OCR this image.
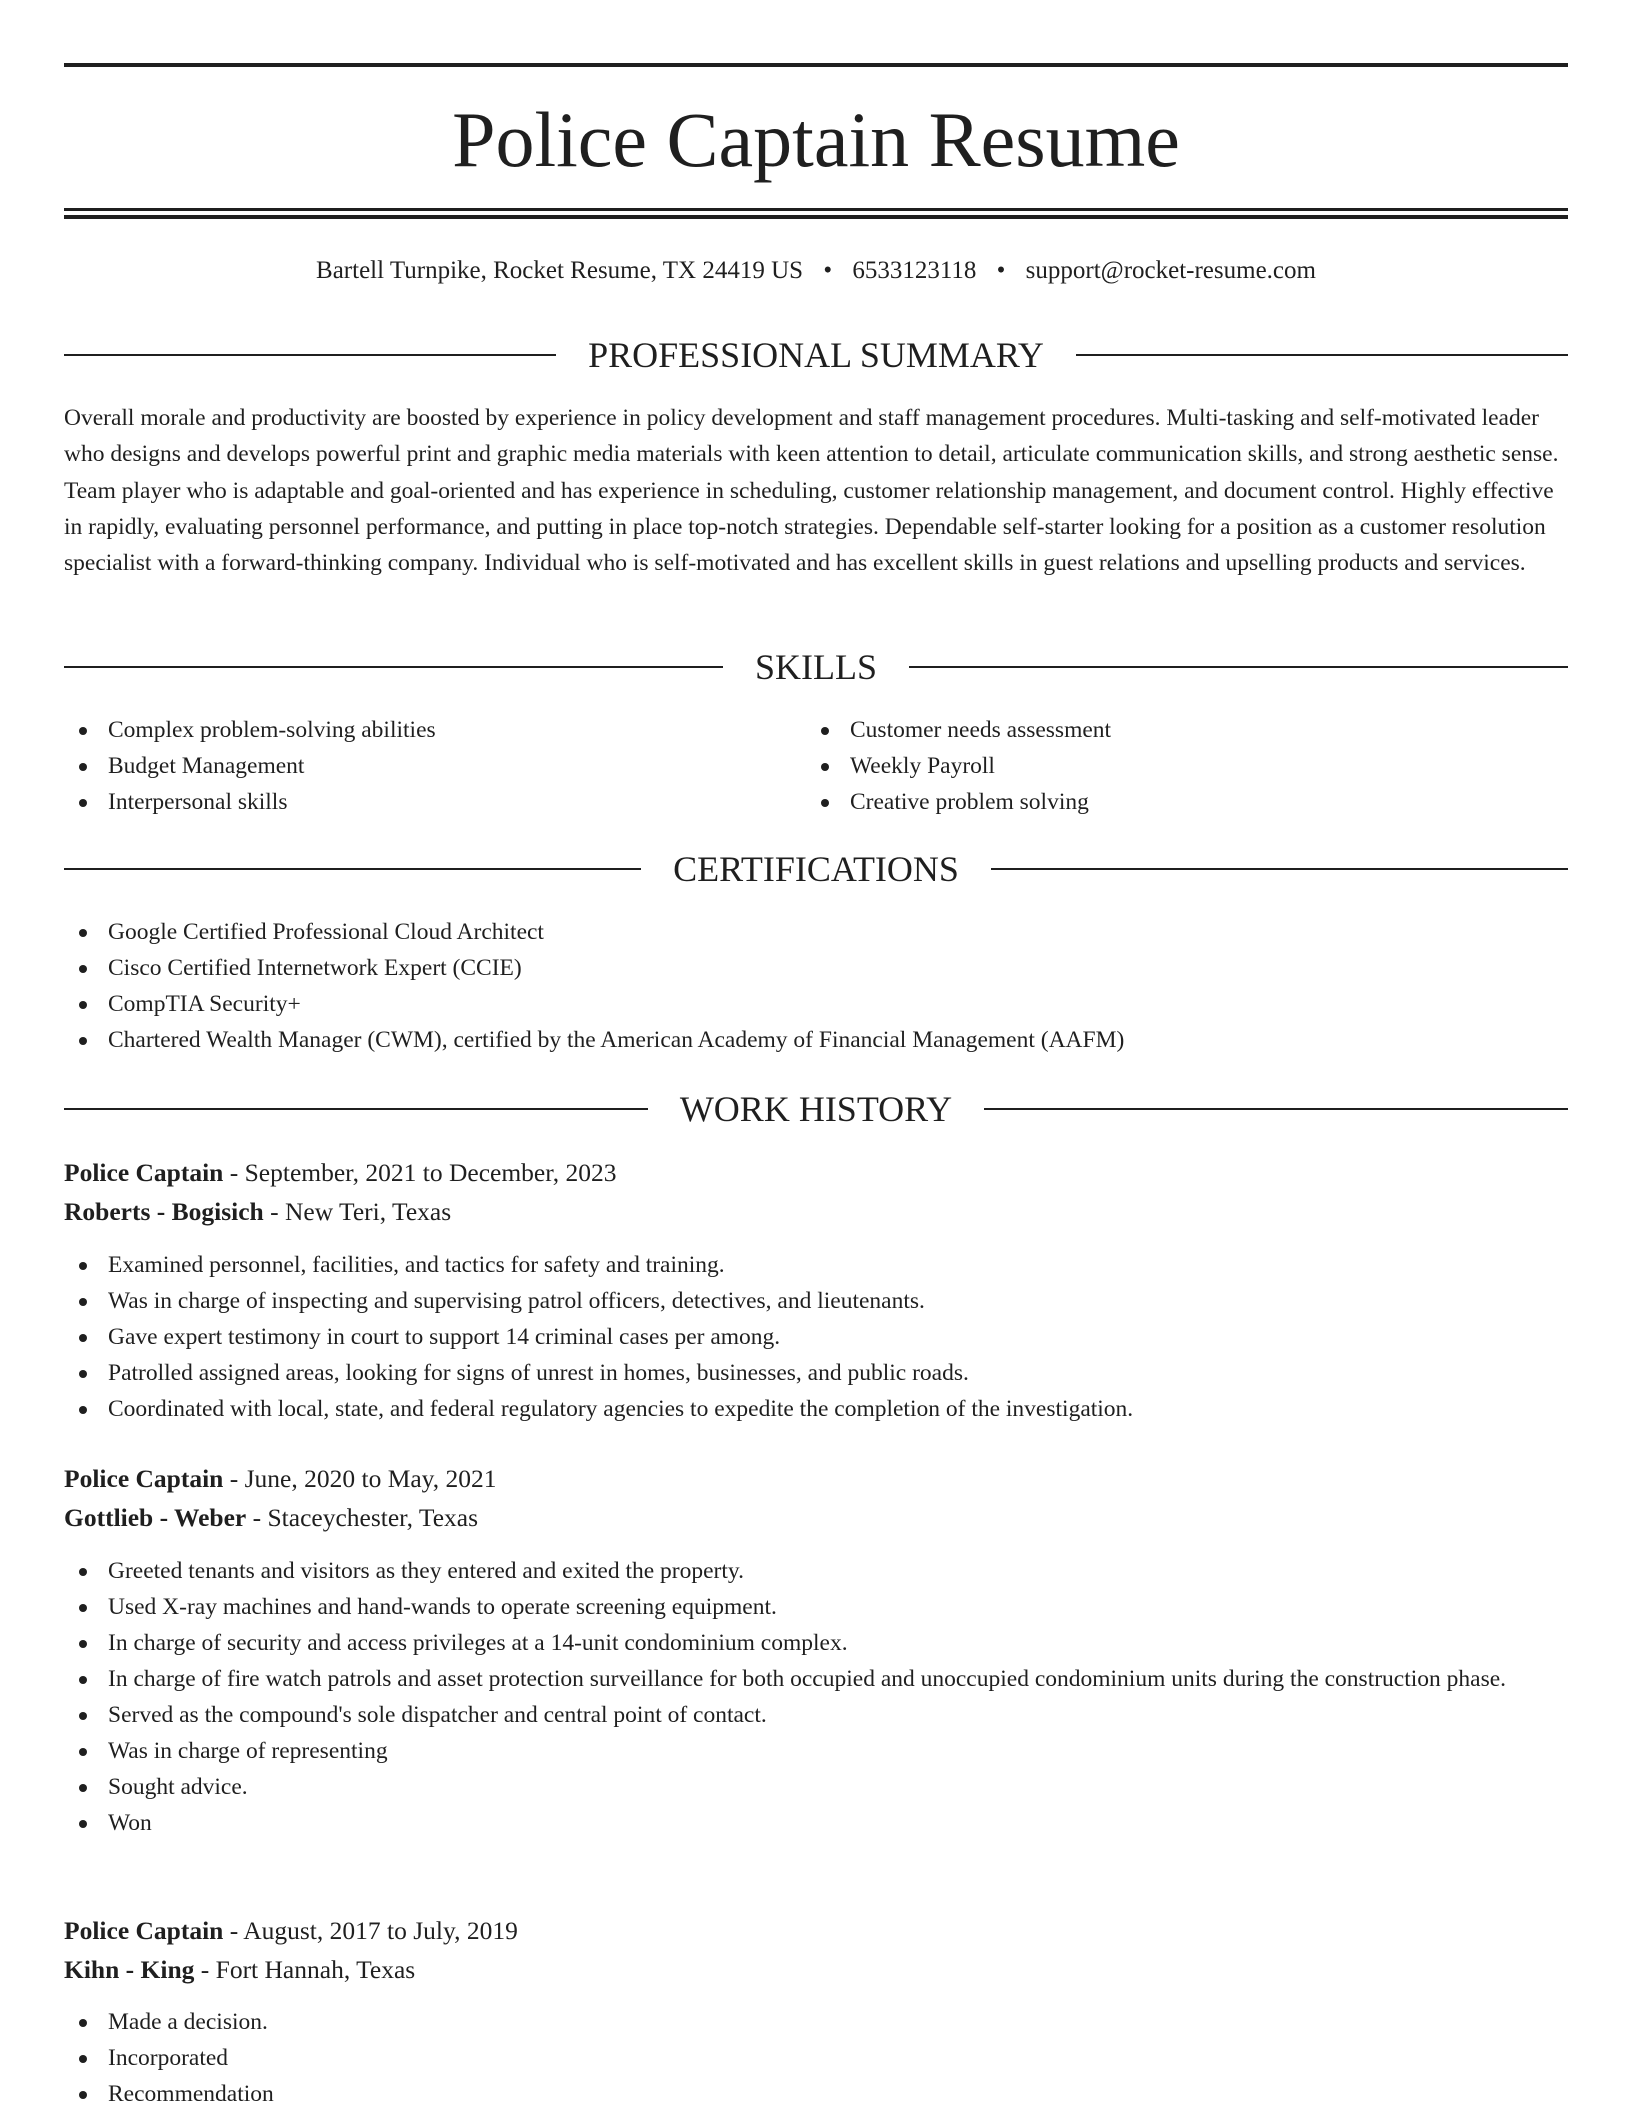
Police Captain Resume
Bartell Turnpike, Rocket Resume, TX 24419 US • 6533123118 • support@rocket-resume.com
PROFESSIONAL SUMMARY

Overall morale and productivity are boosted by experience in policy development and staff management procedures. Multi-tasking and self-motivated leader who designs and develops powerful print and graphic media materials with keen attention to detail, articulate communication skills, and strong aesthetic sense. Team player who is adaptable and goal-oriented and has experience in scheduling, customer relationship management, and document control. Highly effective in rapidly, evaluating personnel performance, and putting in place top-notch strategies. Dependable self-starter looking for a position as a customer resolution specialist with a forward-thinking company. Individual who is self-motivated and has excellent skills in guest relations and upselling products and services.

SKILLS
Complex problem-solving abilities
Budget Management
Interpersonal skills
Customer needs assessment
Weekly Payroll
Creative problem solving
CERTIFICATIONS
Google Certified Professional Cloud Architect
Cisco Certified Internetwork Expert (CCIE)
CompTIA Security+
Chartered Wealth Manager (CWM), certified by the American Academy of Financial Management (AAFM)
WORK HISTORY
Police Captain - September, 2021 to December, 2023
Roberts - Bogisich - New Teri, Texas
Examined personnel, facilities, and tactics for safety and training.
Was in charge of inspecting and supervising patrol officers, detectives, and lieutenants.
Gave expert testimony in court to support 14 criminal cases per among.
Patrolled assigned areas, looking for signs of unrest in homes, businesses, and public roads.
Coordinated with local, state, and federal regulatory agencies to expedite the completion of the investigation.
Police Captain - June, 2020 to May, 2021
Gottlieb - Weber - Staceychester, Texas
Greeted tenants and visitors as they entered and exited the property.
Used X-ray machines and hand-wands to operate screening equipment.
In charge of security and access privileges at a 14-unit condominium complex.
In charge of fire watch patrols and asset protection surveillance for both occupied and unoccupied condominium units during the construction phase.
Served as the compound's sole dispatcher and central point of contact.
Was in charge of representing
Sought advice.
Won
Police Captain - August, 2017 to July, 2019
Kihn - King - Fort Hannah, Texas
Made a decision.
Incorporated
Recommendation
